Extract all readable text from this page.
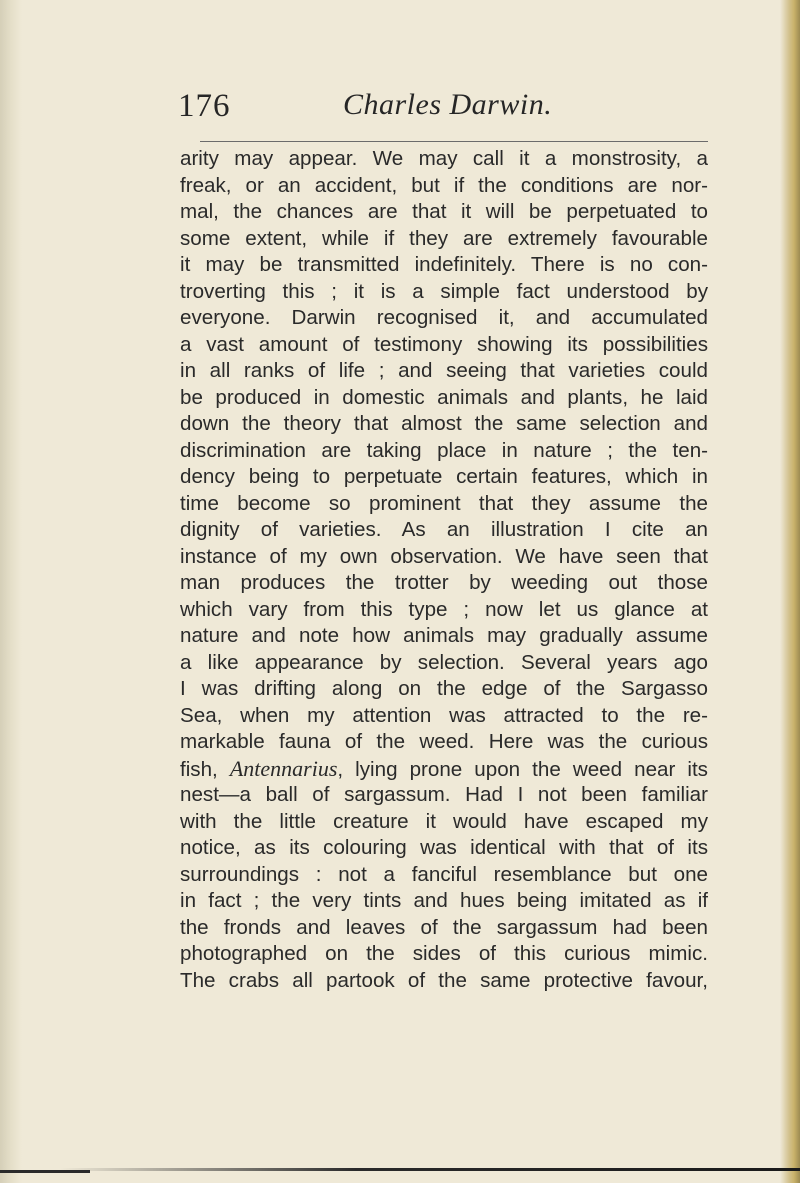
176	Charles Darwin.
arity may appear. We may call it a monstrosity, a
freak, or an accident, but if the conditions are nor-
mal, the chances are that it will be perpetuated to
some extent, while if they are extremely favourable
it may be transmitted indefinitely. There is no con-
troverting this ; it is a simple fact understood by
everyone. Darwin recognised it, and accumulated
a vast amount of testimony showing its possibilities
in all ranks of life ; and seeing that varieties could
be produced in domestic animals and plants, he laid
down the theory that almost the same selection and
discrimination are taking place in nature ; the ten-
dency being to perpetuate certain features, which in
time become so prominent that they assume the
dignity of varieties. As an illustration I cite an
instance of my own observation. We have seen that
man produces the trotter by weeding out those
which vary from this type ; now let us glance at
nature and note how animals may gradually assume
a like appearance by selection. Several years ago
I was drifting along on the edge of the Sargasso
Sea, when my attention was attracted to the re-
markable fauna of the weed. Here was the curious
fish, Antennarius, lying prone upon the weed near its
nest—a ball of sargassum. Had I not been familiar
with the little creature it would have escaped my
notice, as its colouring was identical with that of its
surroundings : not a fanciful resemblance but one
in fact ; the very tints and hues being imitated as if
the fronds and leaves of the sargassum had been
photographed on the sides of this curious mimic.
The crabs all partook of the same protective favour,
